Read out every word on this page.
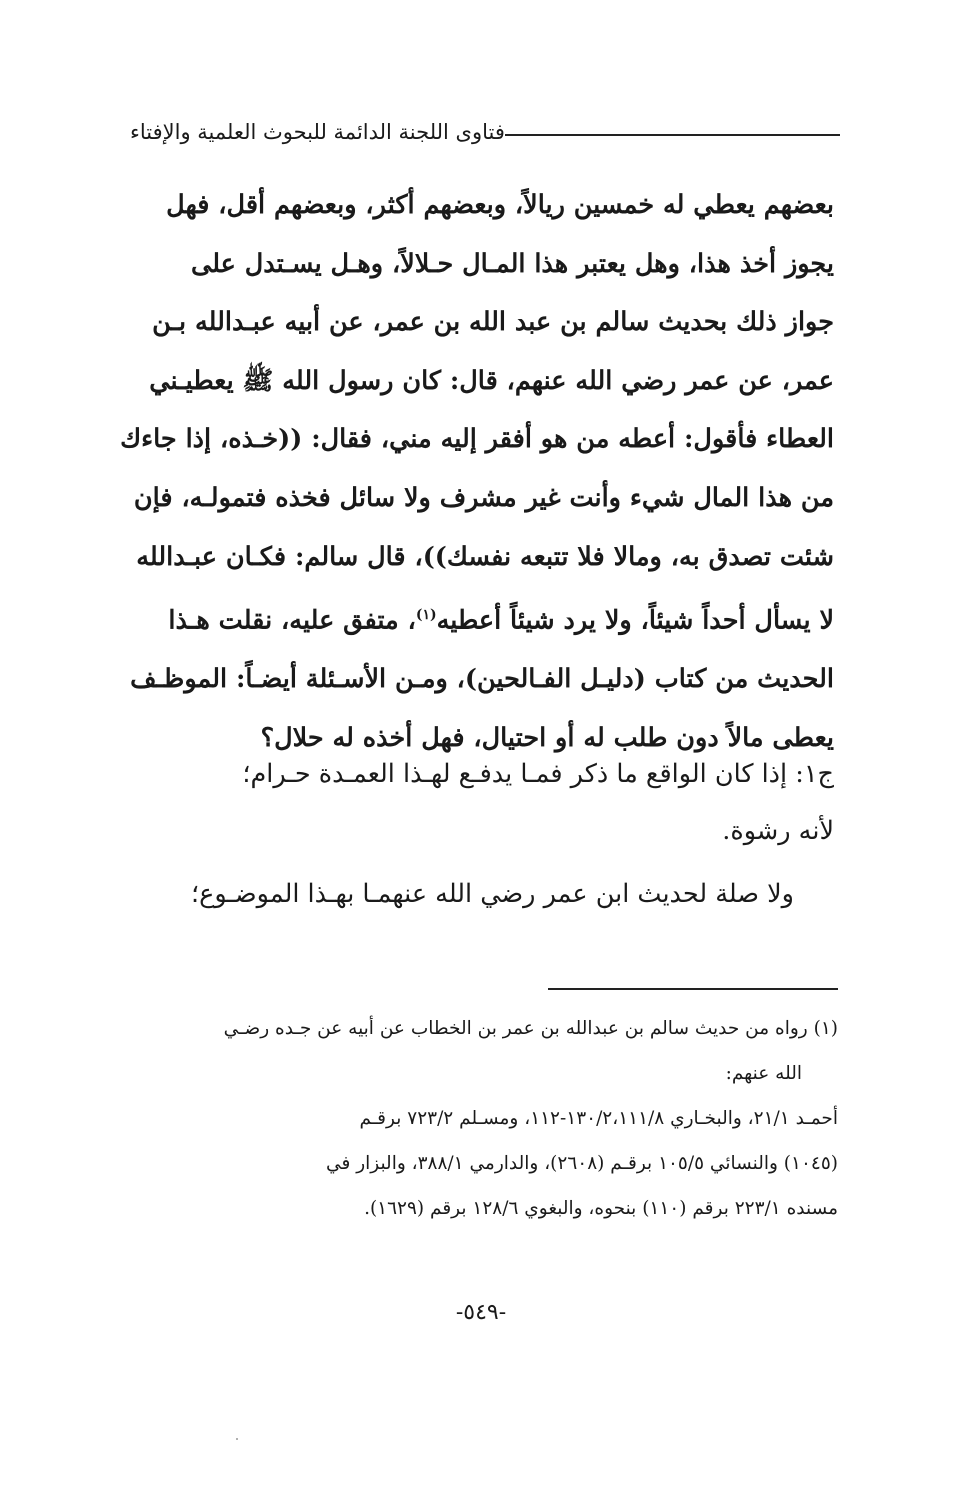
فتاوى اللجنة الدائمة للبحوث العلمية والإفتاء
بعضهم يعطي له خمسين ريالاً، وبعضهم أكثر، وبعضهم أقل، فهل
يجوز أخذ هذا، وهل يعتبر هذا المـال حـلالاً، وهـل يسـتدل على
جواز ذلك بحديث سالم بن عبد الله بن عمر، عن أبيه عبـدالله بـن
عمر، عن عمر رضي الله عنهم، قال: كان رسول الله ﷺ يعطيـني
العطاء فأقول: أعطه من هو أفقر إليه مني، فقال: ((خـذه، إذا جاءك
من هذا المال شيء وأنت غير مشرف ولا سائل فخذه فتمولـه، فإن
شئت تصدق به، ومالا فلا تتبعه نفسك))، قال سالم: فكـان عبـدالله
لا يسأل أحداً شيئاً، ولا يرد شيئاً أعطيه$^{(١)}$، متفق عليه، نقلت هـذا
الحديث من كتاب (دليـل الفـالحين)، ومـن الأسـئلة أيضـاً: الموظـف
يعطى مالاً دون طلب له أو احتيال، فهل أخذه له حلال؟
ج١: إذا كان الواقع ما ذكر فمـا يدفـع لهـذا العمـدة حـرام؛
لأنه رشوة.
ولا صلة لحديث ابن عمر رضي الله عنهمـا بهـذا الموضـوع؛
(١) رواه من حديث سالم بن عبدالله بن عمر بن الخطاب عن أبيه عن جـده رضـي
الله عنهم:
أحمـد ٢١/١، والبخـاري ١٣٠/٢،١١١/٨-١١٢، ومسـلم ٧٢٣/٢ برقـم
(١٠٤٥) والنسائي ١٠٥/٥ برقـم (٢٦٠٨)، والدارمي ٣٨٨/١، والبزار في
مسنده ٢٢٣/١ برقم (١١٠) بنحوه، والبغوي ١٢٨/٦ برقم (١٦٢٩).
-٥٤٩-
